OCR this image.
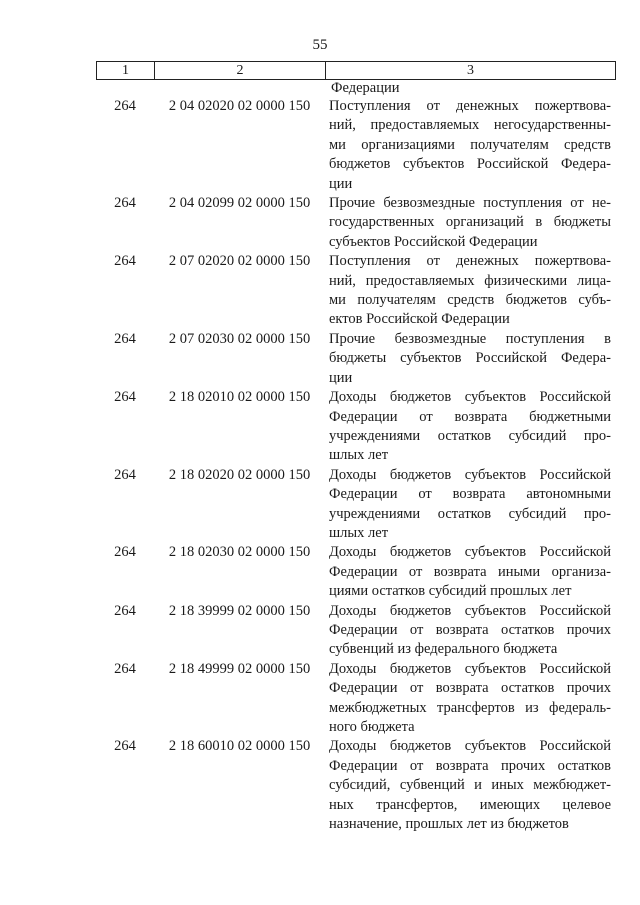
55
1	2	3
Федерации
264	2 04 02020 02 0000 150	Поступления от денежных пожертвова-
ний, предоставляемых негосударственны-
ми организациями получателям средств
бюджетов субъектов Российской Федера-
ции
264	2 04 02099 02 0000 150	Прочие безвозмездные поступления от не-
государственных организаций в бюджеты
субъектов Российской Федерации
264	2 07 02020 02 0000 150	Поступления от денежных пожертвова-
ний, предоставляемых физическими лица-
ми получателям средств бюджетов субъ-
ектов Российской Федерации
264	2 07 02030 02 0000 150	Прочие безвозмездные поступления в
бюджеты субъектов Российской Федера-
ции
264	2 18 02010 02 0000 150	Доходы бюджетов субъектов Российской
Федерации от возврата бюджетными
учреждениями остатков субсидий про-
шлых лет
264	2 18 02020 02 0000 150	Доходы бюджетов субъектов Российской
Федерации от возврата автономными
учреждениями остатков субсидий про-
шлых лет
264	2 18 02030 02 0000 150	Доходы бюджетов субъектов Российской
Федерации от возврата иными организа-
циями остатков субсидий прошлых лет
264	2 18 39999 02 0000 150	Доходы бюджетов субъектов Российской
Федерации от возврата остатков прочих
субвенций из федерального бюджета
264	2 18 49999 02 0000 150	Доходы бюджетов субъектов Российской
Федерации от возврата остатков прочих
межбюджетных трансфертов из федераль-
ного бюджета
264	2 18 60010 02 0000 150	Доходы бюджетов субъектов Российской
Федерации от возврата прочих остатков
субсидий, субвенций и иных межбюджет-
ных трансфертов, имеющих целевое
назначение, прошлых лет из бюджетов
